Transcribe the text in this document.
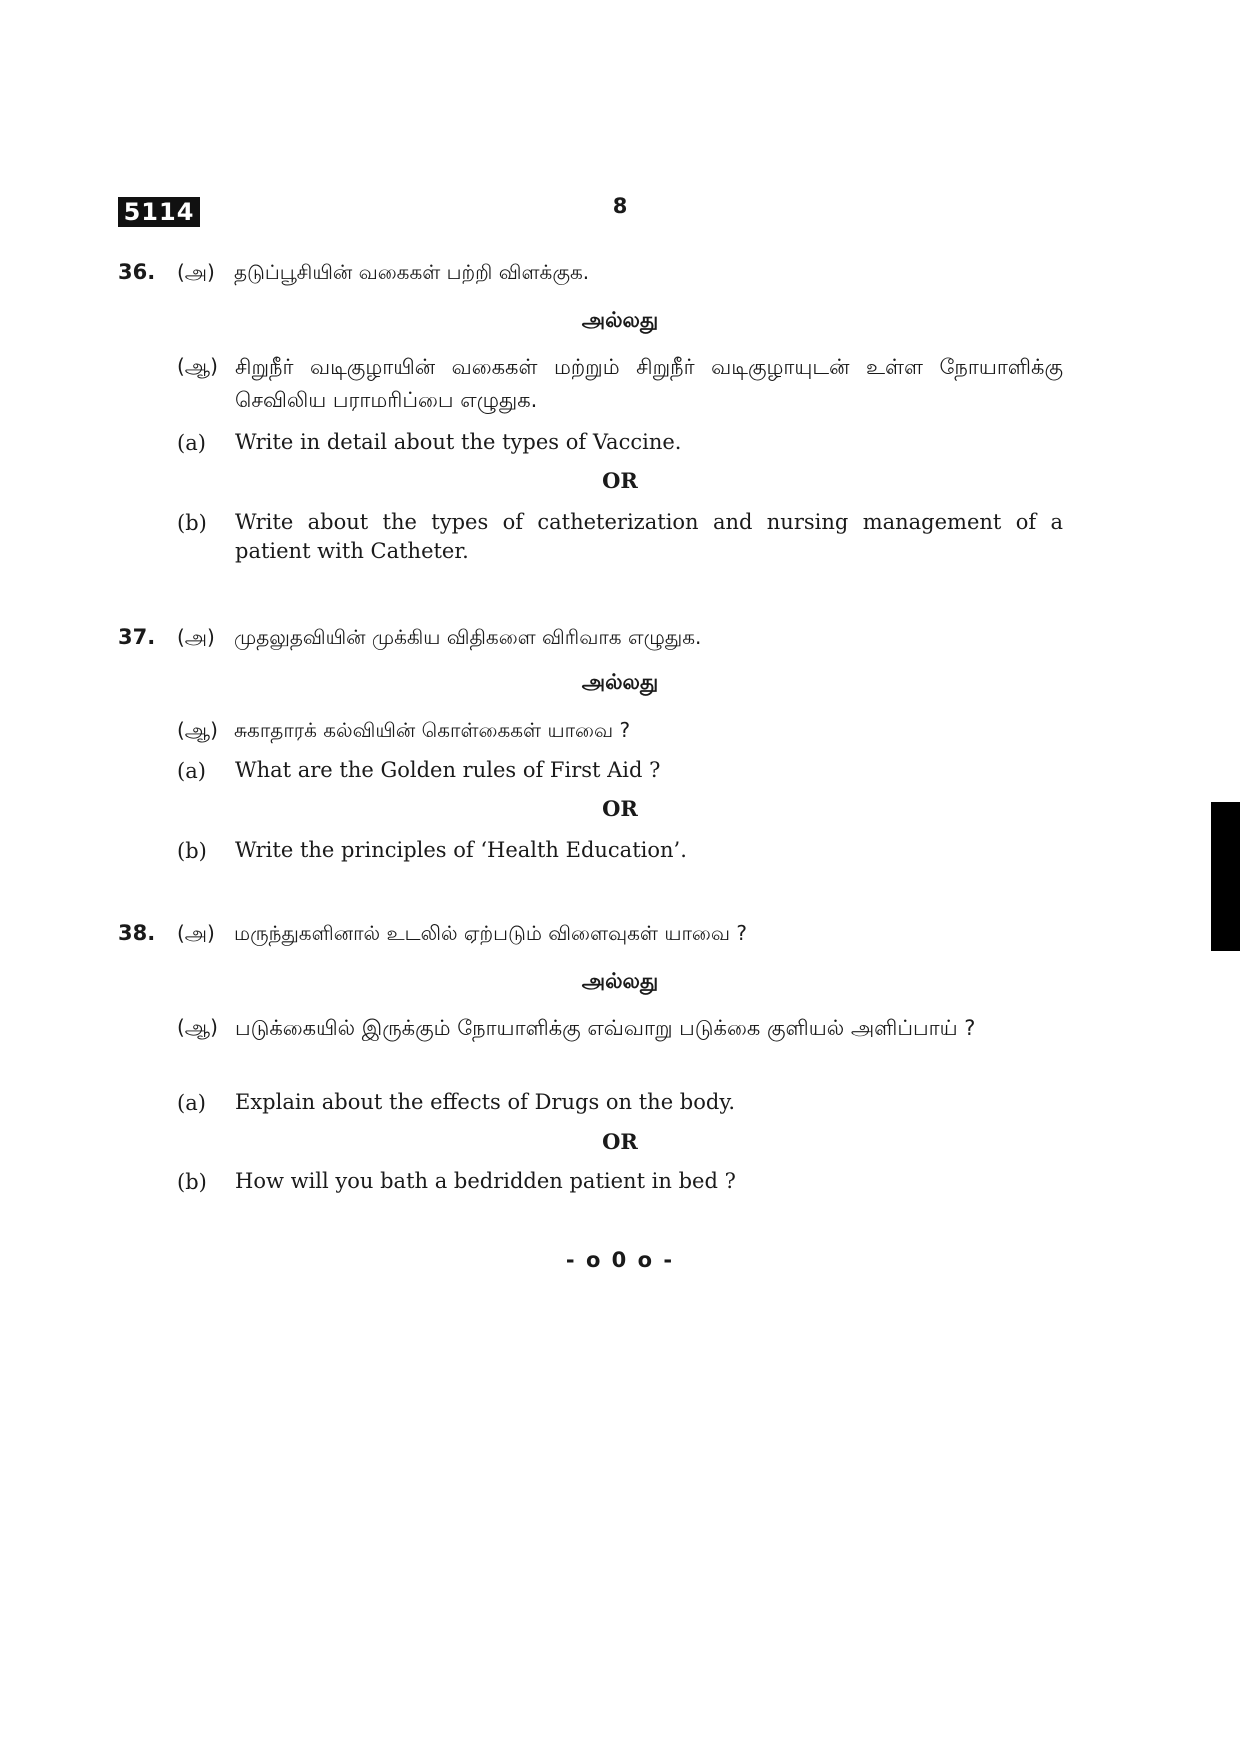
5114	8
36. (அ) தடுப்பூசியின் வகைகள் பற்றி விளக்குக.
அல்லது
(ஆ) சிறுநீர் வடிகுழாயின் வகைகள் மற்றும் சிறுநீர் வடிகுழாயுடன் உள்ள நோயாளிக்கு செவிலிய பராமரிப்பை எழுதுக.
(a) Write in detail about the types of Vaccine.
OR
(b) Write about the types of catheterization and nursing management of a patient with Catheter.
37. (அ) முதலுதவியின் முக்கிய விதிகளை விரிவாக எழுதுக.
அல்லது
(ஆ) சுகாதாரக் கல்வியின் கொள்கைகள் யாவை ?
(a) What are the Golden rules of First Aid ?
OR
(b) Write the principles of ‘Health Education’.
38. (அ) மருந்துகளினால் உடலில் ஏற்படும் விளைவுகள் யாவை ?
அல்லது
(ஆ) படுக்கையில் இருக்கும் நோயாளிக்கு எவ்வாறு படுக்கை குளியல் அளிப்பாய் ?
(a) Explain about the effects of Drugs on the body.
OR
(b) How will you bath a bedridden patient in bed ?
- o 0 o -
